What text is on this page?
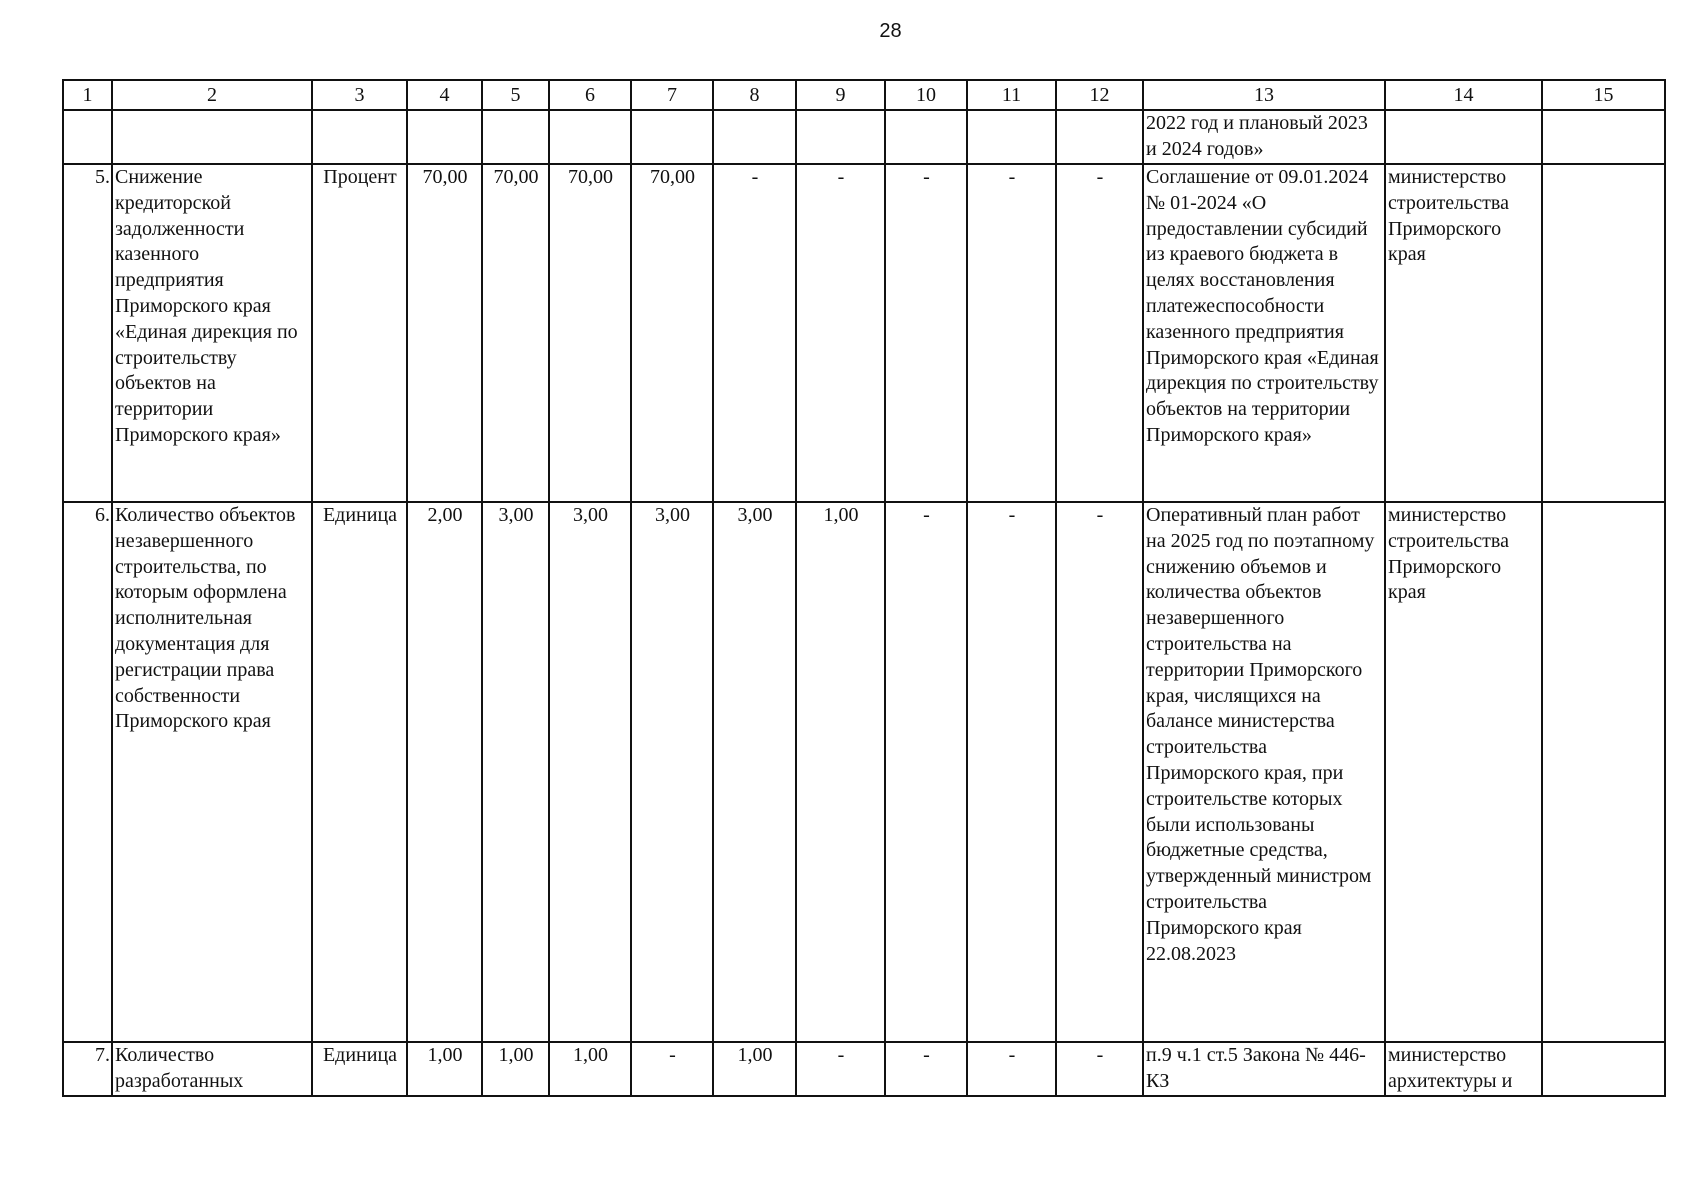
28
1	2	3	4	5	6	7	8	9	10	11	12	13	14	15
												2022 год и плановый 2023 и 2024 годов»		
5.	Снижение кредиторской задолженности казенного предприятия Приморского края «Единая дирекция по строительству объектов на территории Приморского края»	Процент	70,00	70,00	70,00	70,00	-	-	-	-	-	Соглашение от 09.01.2024 № 01-2024 «О предоставлении субсидий из краевого бюджета в целях восстановления платежеспособности казенного предприятия Приморского края «Единая дирекция по строительству объектов на территории Приморского края»	министерство строительства Приморского края	
6.	Количество объектов незавершенного строительства, по которым оформлена исполнительная документация для регистрации права собственности Приморского края	Единица	2,00	3,00	3,00	3,00	3,00	1,00	-	-	-	Оперативный план работ на 2025 год по поэтапному снижению объемов и количества объектов незавершенного строительства на территории Приморского края, числящихся на балансе министерства строительства Приморского края, при строительстве которых были использованы бюджетные средства, утвержденный министром строительства Приморского края 22.08.2023	министерство строительства Приморского края	
7.	Количество разработанных	Единица	1,00	1,00	1,00	-	1,00	-	-	-	-	п.9 ч.1 ст.5 Закона № 446-КЗ	министерство архитектуры и	
